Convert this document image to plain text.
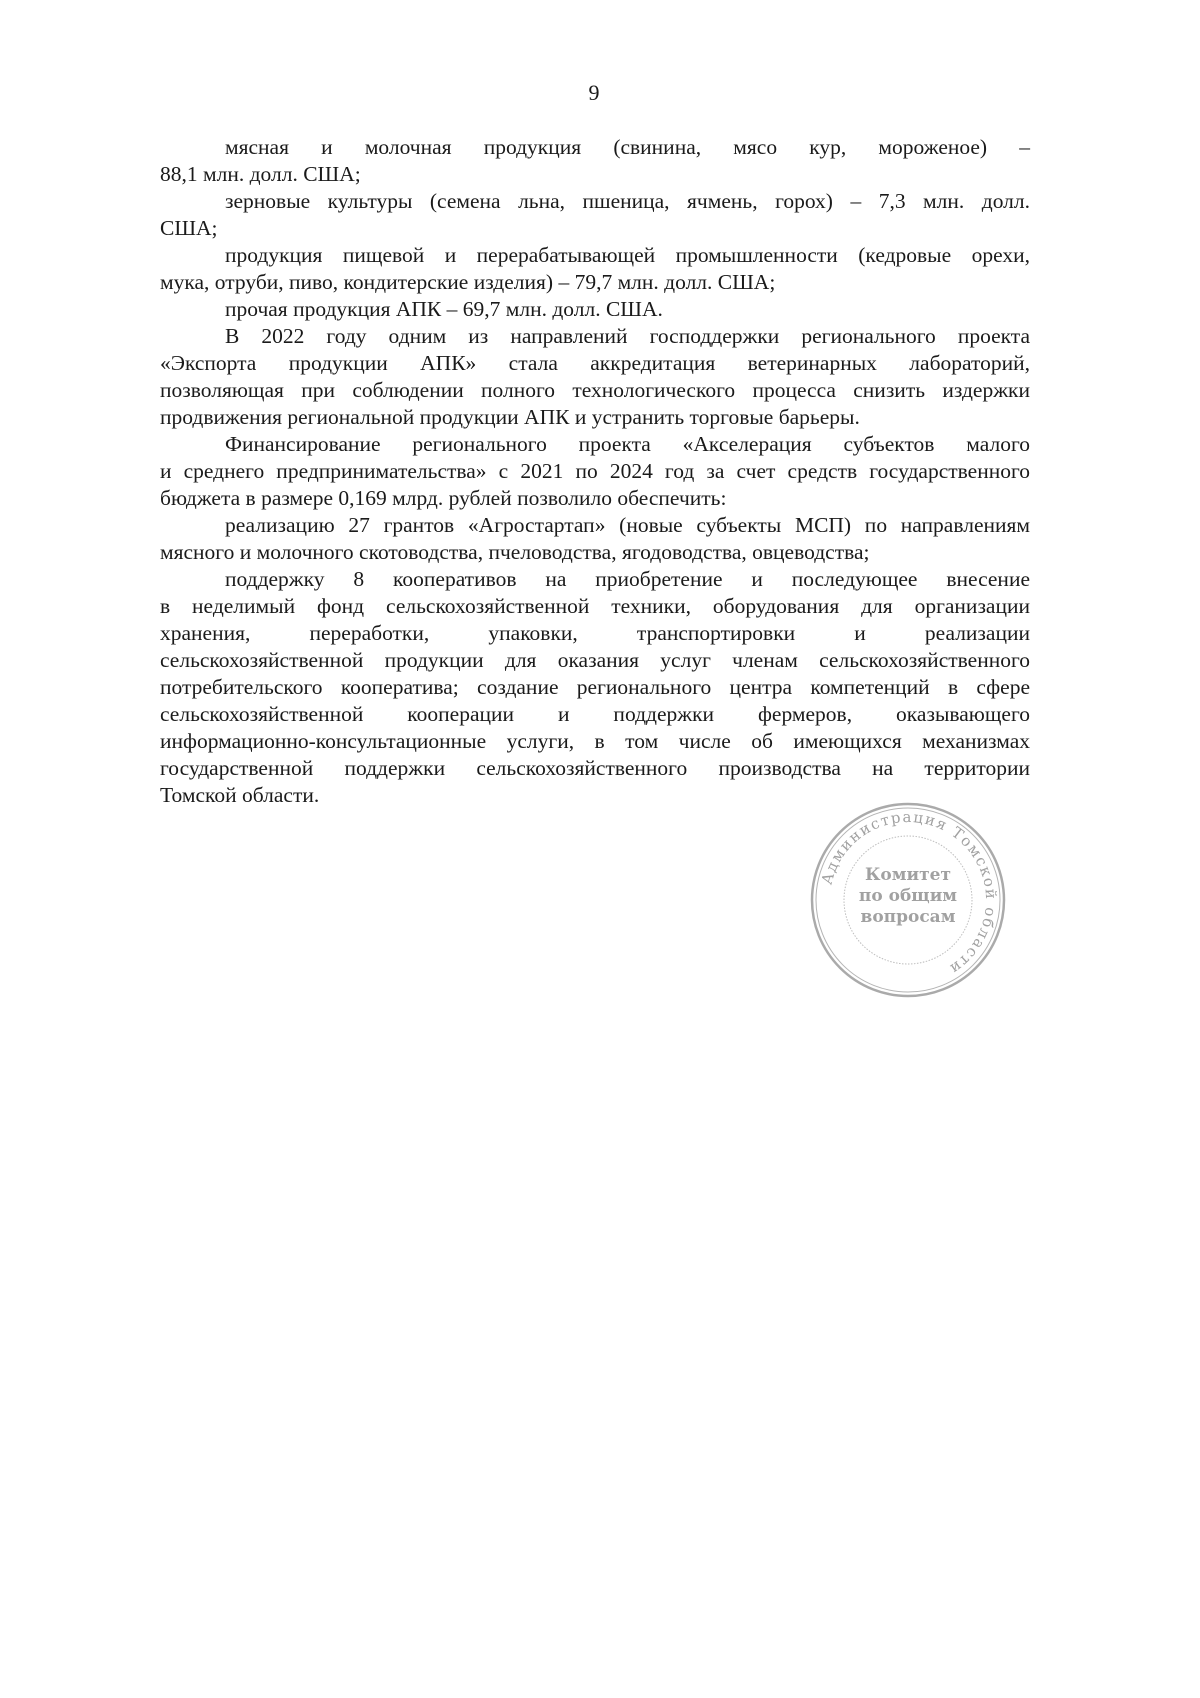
9
мясная и молочная продукция (свинина, мясо кур, мороженое) –
88,1 млн. долл. США;
зерновые культуры (семена льна, пшеница, ячмень, горох) – 7,3 млн. долл.
США;
продукция пищевой и перерабатывающей промышленности (кедровые орехи,
мука, отруби, пиво, кондитерские изделия) – 79,7 млн. долл. США;
прочая продукция АПК – 69,7 млн. долл. США.
В 2022 году одним из направлений господдержки регионального проекта
«Экспорта продукции АПК» стала аккредитация ветеринарных лабораторий,
позволяющая при соблюдении полного технологического процесса снизить издержки
продвижения региональной продукции АПК и устранить торговые барьеры.
Финансирование регионального проекта «Акселерация субъектов малого
и среднего предпринимательства» с 2021 по 2024 год за счет средств государственного
бюджета в размере 0,169 млрд. рублей позволило обеспечить:
реализацию 27 грантов «Агростартап» (новые субъекты МСП) по направлениям
мясного и молочного скотоводства, пчеловодства, ягодоводства, овцеводства;
поддержку 8 кооперативов на приобретение и последующее внесение
в неделимый фонд сельскохозяйственной техники, оборудования для организации
хранения, переработки, упаковки, транспортировки и реализации
сельскохозяйственной продукции для оказания услуг членам сельскохозяйственного
потребительского кооператива; создание регионального центра компетенций в сфере
сельскохозяйственной кооперации и поддержки фермеров, оказывающего
информационно-консультационные услуги, в том числе об имеющихся механизмах
государственной поддержки сельскохозяйственного производства на территории
Томской области.
Администрация Томской области
Комитет
по общим
вопросам
